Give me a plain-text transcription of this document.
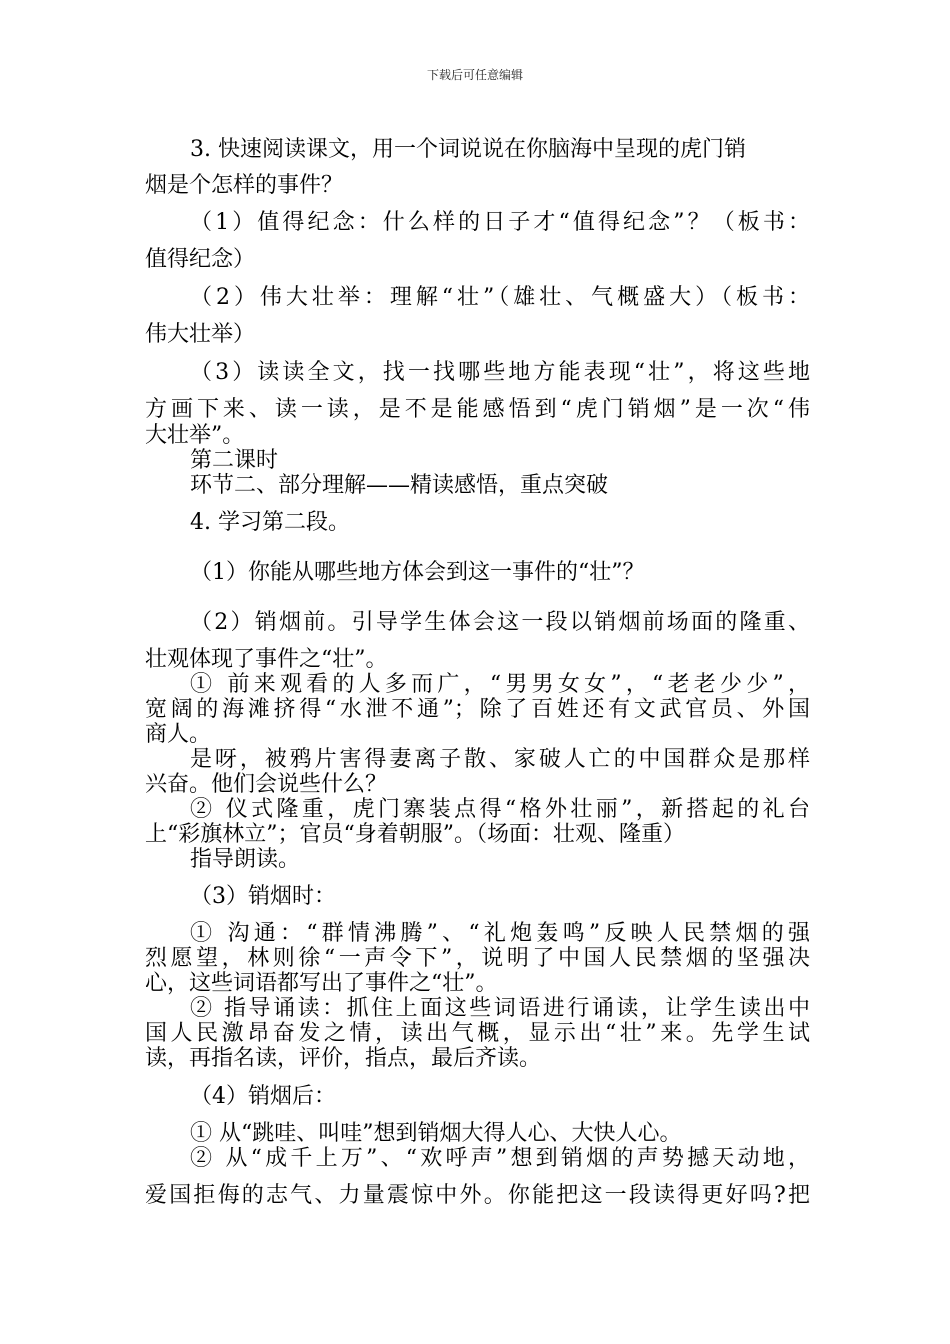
下载后可任意编辑
3. 快速阅读课文，用一个词说说在你脑海中呈现的虎门销
烟是个怎样的事件？
（1）值得纪念：什么样的日子才“值得纪念”？（板书：
值得纪念）
（2）伟大壮举：理解“壮”（雄壮、气概盛大）（板书：
伟大壮举）
（3）读读全文，找一找哪些地方能表现“壮”，将这些地
方画下来、读一读，是不是能感悟到“虎门销烟”是一次“伟
大壮举”。
第二课时
环节二、部分理解——精读感悟，重点突破
4. 学习第二段。
（1）你能从哪些地方体会到这一事件的“壮”？
（2）销烟前。引导学生体会这一段以销烟前场面的隆重、
壮观体现了事件之“壮”。
① 前来观看的人多而广，“男男女女”，“老老少少”，
宽阔的海滩挤得“水泄不通”；除了百姓还有文武官员、外国
商人。
是呀，被鸦片害得妻离子散、家破人亡的中国群众是那样
兴奋。他们会说些什么？
② 仪式隆重，虎门寨装点得“格外壮丽”，新搭起的礼台
上“彩旗林立”；官员“身着朝服”。（场面：壮观、隆重）
指导朗读。
（3）销烟时：
① 沟通：“群情沸腾”、“礼炮轰鸣”反映人民禁烟的强
烈愿望，林则徐“一声令下”，说明了中国人民禁烟的坚强决
心，这些词语都写出了事件之“壮”。
② 指导诵读：抓住上面这些词语进行诵读，让学生读出中
国人民激昂奋发之情，读出气概，显示出“壮”来。先学生试
读，再指名读，评价，指点，最后齐读。
（4）销烟后：
① 从“跳哇、叫哇”想到销烟大得人心、大快人心。
② 从“成千上万”、“欢呼声”想到销烟的声势撼天动地，
爱国拒侮的志气、力量震惊中外。你能把这一段读得更好吗?把
